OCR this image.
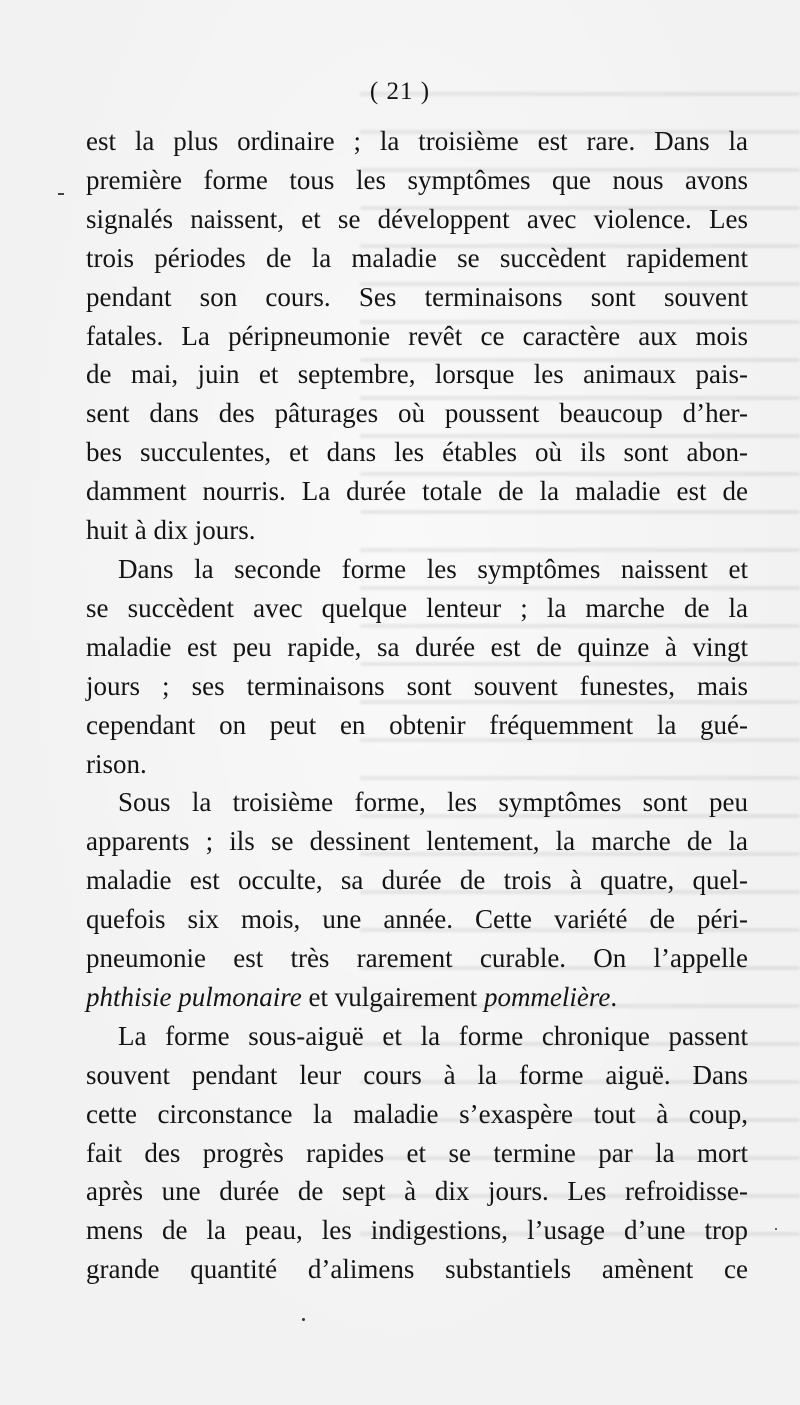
( 21 )
est la plus ordinaire ; la troisième est rare. Dans la
première forme tous les symptômes que nous avons
signalés naissent, et se développent avec violence. Les
trois périodes de la maladie se succèdent rapidement
pendant son cours. Ses terminaisons sont souvent
fatales. La péripneumonie revêt ce caractère aux mois
de mai, juin et septembre, lorsque les animaux pais-
sent dans des pâturages où poussent beaucoup d’her-
bes succulentes, et dans les étables où ils sont abon-
damment nourris. La durée totale de la maladie est de
huit à dix jours.
Dans la seconde forme les symptômes naissent et
se succèdent avec quelque lenteur ; la marche de la
maladie est peu rapide, sa durée est de quinze à vingt
jours ; ses terminaisons sont souvent funestes, mais
cependant on peut en obtenir fréquemment la gué-
rison.
Sous la troisième forme, les symptômes sont peu
apparents ; ils se dessinent lentement, la marche de la
maladie est occulte, sa durée de trois à quatre, quel-
quefois six mois, une année. Cette variété de péri-
pneumonie est très rarement curable. On l’appelle
phthisie pulmonaire et vulgairement pommelière.
La forme sous-aiguë et la forme chronique passent
souvent pendant leur cours à la forme aiguë. Dans
cette circonstance la maladie s’exaspère tout à coup,
fait des progrès rapides et se termine par la mort
après une durée de sept à dix jours. Les refroidisse-
mens de la peau, les indigestions, l’usage d’une trop
grande quantité d’alimens substantiels amènent ce
